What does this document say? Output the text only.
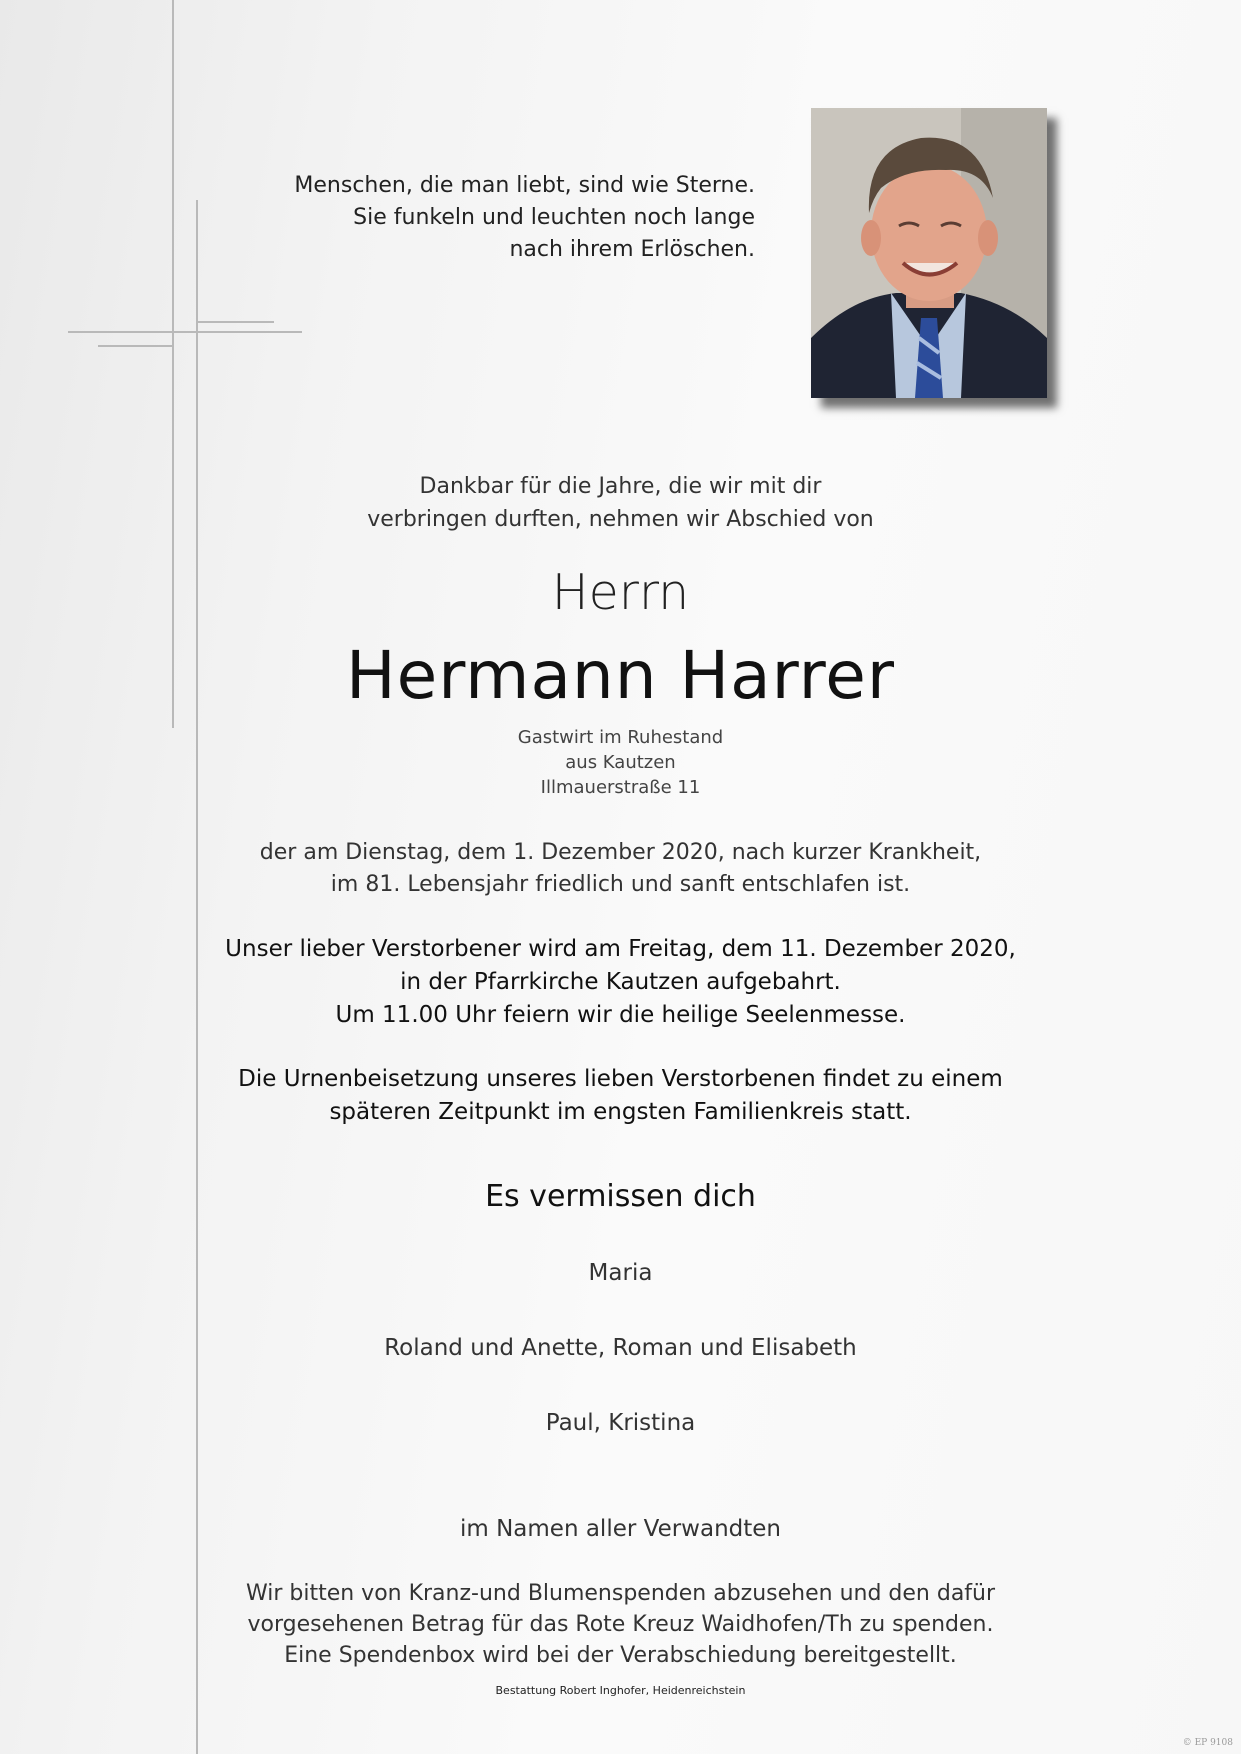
Menschen, die man liebt, sind wie Sterne.
Sie funkeln und leuchten noch lange
nach ihrem Erlöschen.
Dankbar für die Jahre, die wir mit dir
verbringen durften, nehmen wir Abschied von
Herrn
Hermann Harrer
Gastwirt im Ruhestand
aus Kautzen
Illmauerstraße 11
der am Dienstag, dem 1. Dezember 2020, nach kurzer Krankheit,
im 81. Lebensjahr friedlich und sanft entschlafen ist.
Unser lieber Verstorbener wird am Freitag, dem 11. Dezember 2020,
in der Pfarrkirche Kautzen aufgebahrt.
Um 11.00 Uhr feiern wir die heilige Seelenmesse.
Die Urnenbeisetzung unseres lieben Verstorbenen findet zu einem
späteren Zeitpunkt im engsten Familienkreis statt.
Es vermissen dich
Maria
Roland und Anette, Roman und Elisabeth
Paul, Kristina
im Namen aller Verwandten
Wir bitten von Kranz-und Blumenspenden abzusehen und den dafür
vorgesehenen Betrag für das Rote Kreuz Waidhofen/Th zu spenden.
Eine Spendenbox wird bei der Verabschiedung bereitgestellt.
Bestattung Robert Inghofer, Heidenreichstein
© EP 9108
